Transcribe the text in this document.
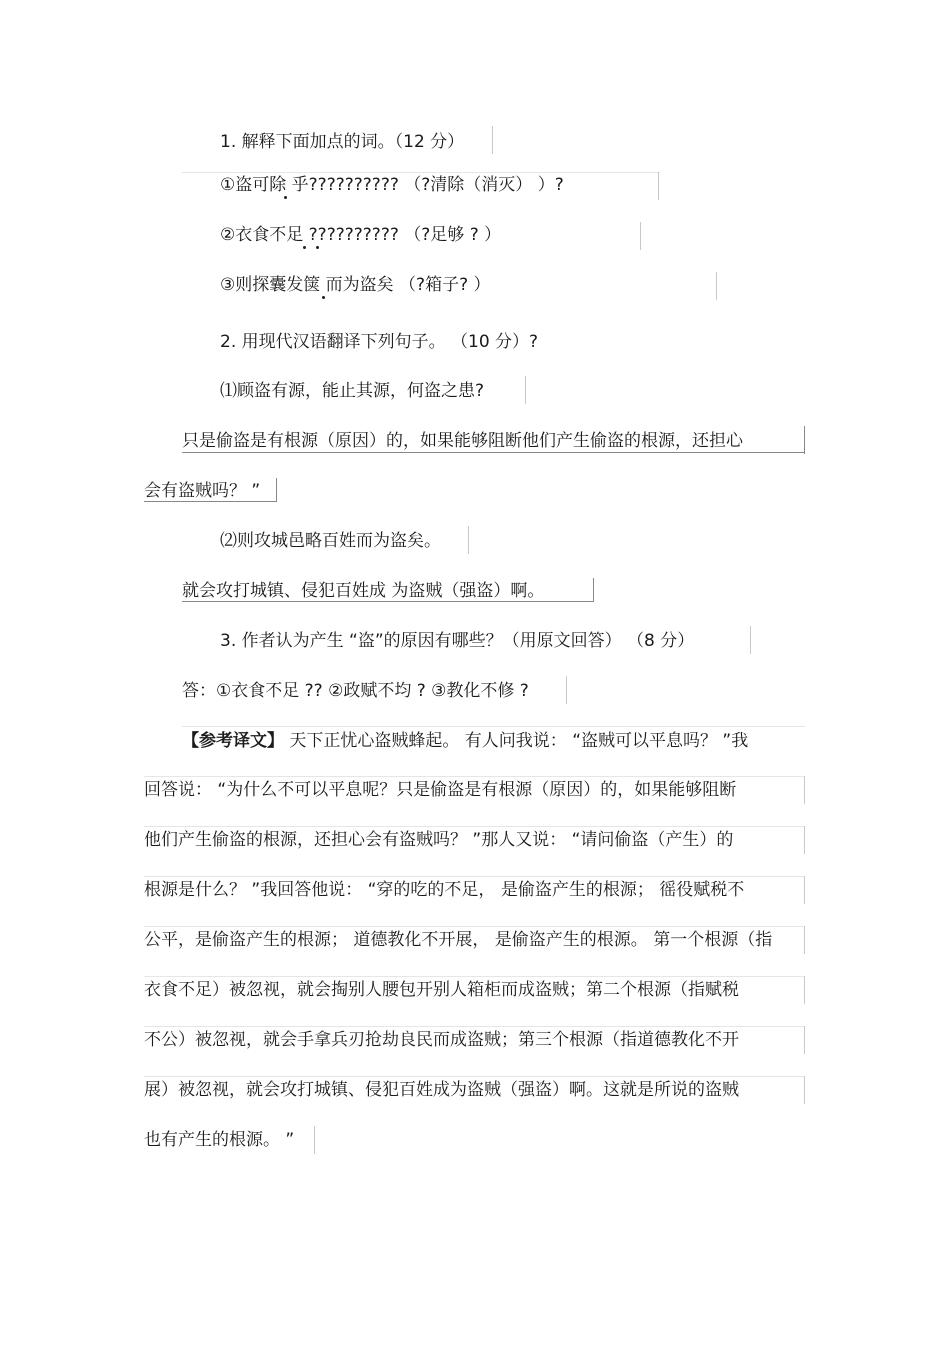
1. 解释下面加点的词。（12 分）
①盗可除 乎?????????? （?清除（消灭） ）?
②衣食不足 ?????????? （?足够 ? ）
③则探囊发箧 而为盗矣 （?箱子? ）
2. 用现代汉语翻译下列句子。 （10 分）?
⑴顾盗有源，能止其源，何盗之患?
只是偷盗是有根源（原因）的，如果能够阻断他们产生偷盗的根源，还担心
会有盗贼吗？ ”
⑵则攻城邑略百姓而为盗矣。
就会攻打城镇、侵犯百姓成 为盗贼（强盗）啊。
3. 作者认为产生 “盗”的原因有哪些？（用原文回答） （8 分）
答：①衣食不足 ?? ②政赋不均 ? ③教化不修 ?
【参考译文】 天下正忧心盗贼蜂起。 有人问我说： “盗贼可以平息吗？ ”我
回答说： “为什么不可以平息呢？只是偷盗是有根源（原因）的，如果能够阻断
他们产生偷盗的根源，还担心会有盗贼吗？ ”那人又说： “请问偷盗（产生）的
根源是什么？ ”我回答他说： “穿的吃的不足， 是偷盗产生的根源； 徭役赋税不
公平，是偷盗产生的根源； 道德教化不开展， 是偷盗产生的根源。 第一个根源（指
衣食不足）被忽视，就会掏别人腰包开别人箱柜而成盗贼；第二个根源（指赋税
不公）被忽视，就会手拿兵刃抢劫良民而成盗贼；第三个根源（指道德教化不开
展）被忽视，就会攻打城镇、侵犯百姓成为盗贼（强盗）啊。这就是所说的盗贼
也有产生的根源。 ”
